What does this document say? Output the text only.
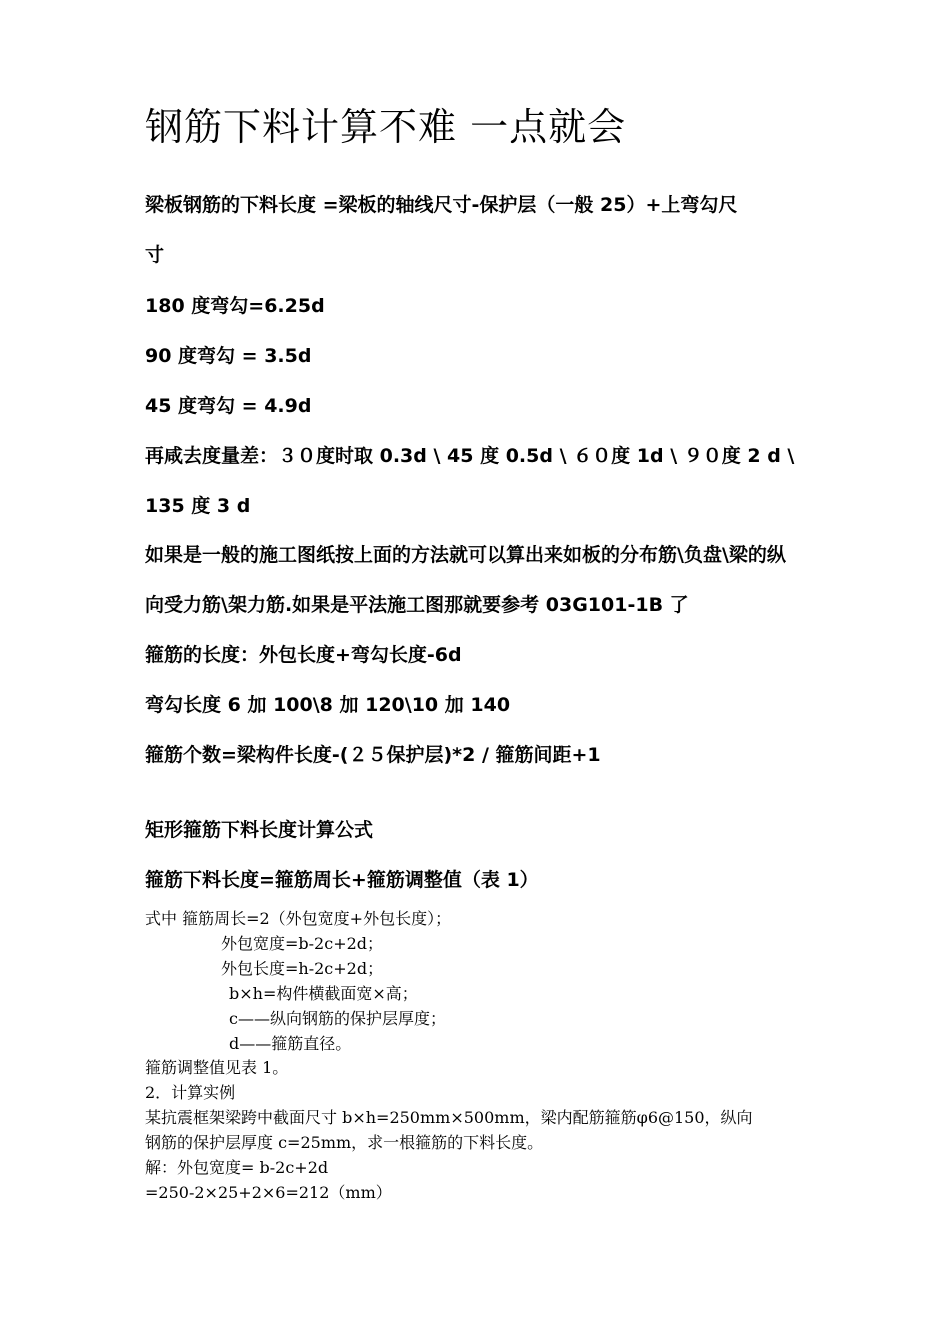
钢筋下料计算不难 一点就会
梁板钢筋的下料长度 =梁板的轴线尺寸-保护层（一般 25）+上弯勾尺
寸
180 度弯勾=6.25d
90 度弯勾 = 3.5d
45 度弯勾 = 4.9d
再咸去度量差：３０度时取 0.3d \ 45 度 0.5d \ ６０度 1d \ ９０度 2 d \
135 度 3 d
如果是一般的施工图纸按上面的方法就可以算出来如板的分布筋\负盘\梁的纵
向受力筋\架力筋.如果是平法施工图那就要参考 03G101-1B 了
箍筋的长度：外包长度+弯勾长度-6d
弯勾长度 6 加 100\8 加 120\10 加 140
箍筋个数=梁构件长度-(２５保护层)*2 / 箍筋间距+1
矩形箍筋下料长度计算公式
箍筋下料长度=箍筋周长+箍筋调整值（表 1）
式中 箍筋周长=2（外包宽度+外包长度）；
外包宽度=b-2c+2d；
外包长度=h-2c+2d；
b×h=构件横截面宽×高；
c——纵向钢筋的保护层厚度；
d——箍筋直径。
箍筋调整值见表 1。
2．计算实例
某抗震框架梁跨中截面尺寸 b×h=250mm×500mm，梁内配筋箍筋φ6@150，纵向
钢筋的保护层厚度 c=25mm，求一根箍筋的下料长度。
解：外包宽度= b-2c+2d
=250-2×25+2×6=212（mm）
